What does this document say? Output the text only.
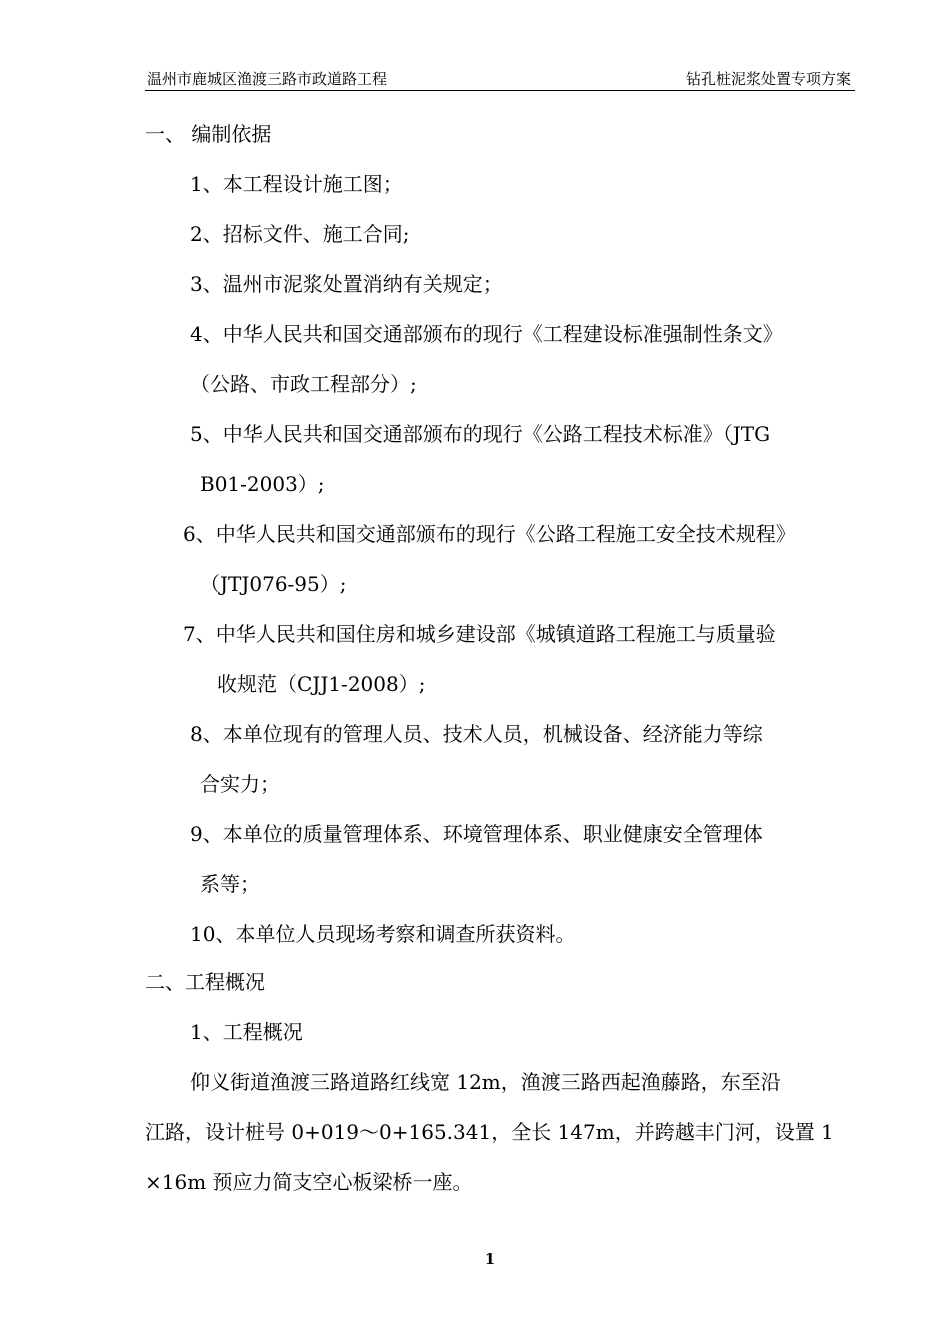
温州市鹿城区渔渡三路市政道路工程	钻孔桩泥浆处置专项方案
一、 编制依据
1、本工程设计施工图；
2、招标文件、施工合同;
3、温州市泥浆处置消纳有关规定；
4、中华人民共和国交通部颁布的现行《工程建设标准强制性条文》
（公路、市政工程部分）;
5、中华人民共和国交通部颁布的现行《公路工程技术标准》（JTG
B01-2003）;
6、中华人民共和国交通部颁布的现行《公路工程施工安全技术规程》
（JTJ076-95）;
7、中华人民共和国住房和城乡建设部《城镇道路工程施工与质量验
收规范（CJJ1-2008）;
8、本单位现有的管理人员、技术人员，机械设备、经济能力等综
合实力；
9、本单位的质量管理体系、环境管理体系、职业健康安全管理体
系等；
10、本单位人员现场考察和调查所获资料。
二、工程概况
1、工程概况
仰义街道渔渡三路道路红线宽 12m，渔渡三路西起渔藤路，东至沿
江路，设计桩号 0+019～0+165.341，全长 147m，并跨越丰门河，设置 1
×16m 预应力简支空心板梁桥一座。
1
